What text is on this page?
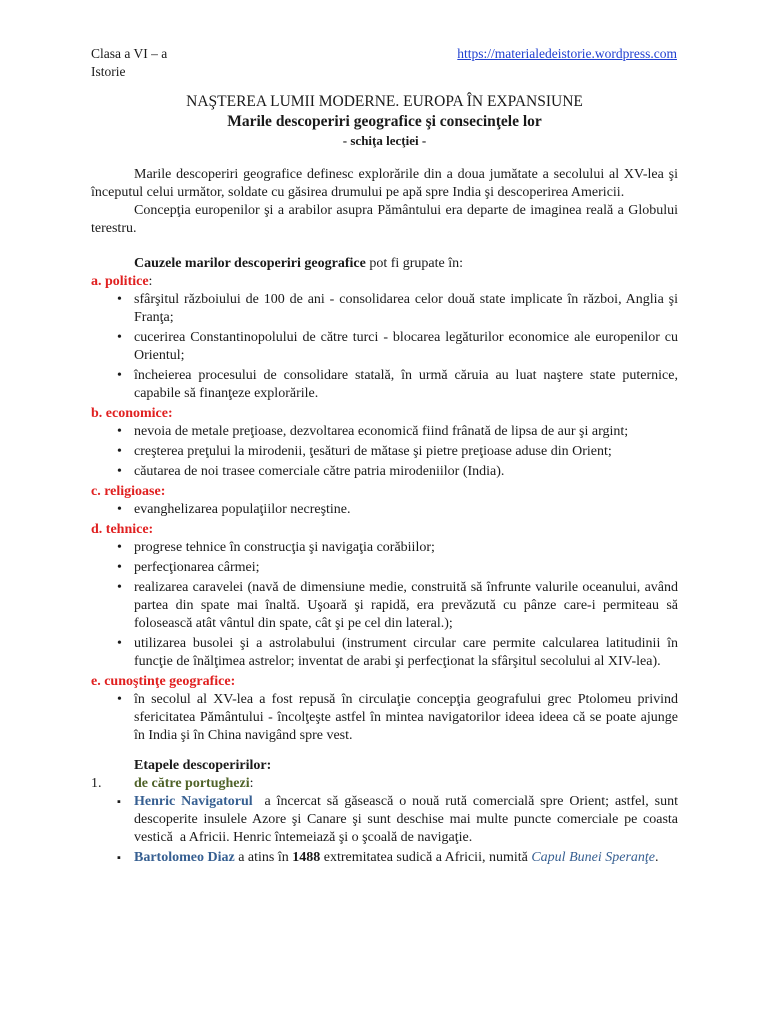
Clasa a VI – a
Istorie
https://materialedeistorie.wordpress.com
NAŞTEREA LUMII MODERNE. EUROPA ÎN EXPANSIUNE
Marile descoperiri geografice şi consecinţele lor
- schiţa lecţiei -

Marile descoperiri geografice definesc explorările din a doua jumătate a secolului al XV-lea şi începutul celui următor, soldate cu găsirea drumului pe apă spre India şi descoperirea Americii.

Concepţia europenilor şi a arabilor asupra Pământului era departe de imaginea reală a Globului terestru.

Cauzele marilor descoperiri geografice pot fi grupate în:
a. politice:
• sfârşitul războiului de 100 de ani - consolidarea celor două state implicate în război, Anglia şi Franţa;
• cucerirea Constantinopolului de către turci - blocarea legăturilor economice ale europenilor cu Orientul;
• încheierea procesului de consolidare statală, în urmă căruia au luat naştere state puternice, capabile să finanţeze explorările.
b. economice:
• nevoia de metale preţioase, dezvoltarea economică fiind frânată de lipsa de aur şi argint;
• creşterea preţului la mirodenii, ţesături de mătase şi pietre preţioase aduse din Orient;
• căutarea de noi trasee comerciale către patria mirodeniilor (India).
c. religioase:
• evanghelizarea populaţiilor necreştine.
d. tehnice:
• progrese tehnice în construcţia şi navigaţia corăbiilor;
• perfecţionarea cârmei;
• realizarea caravelei (navă de dimensiune medie, construită să înfrunte valurile oceanului, având partea din spate mai înaltă. Uşoară şi rapidă, era prevăzută cu pânze care-i permiteau să folosească atât vântul din spate, cât şi pe cel din lateral.);
• utilizarea busolei şi a astrolabului (instrument circular care permite calcularea latitudinii în funcţie de înălţimea astrelor; inventat de arabi şi perfecţionat la sfârşitul secolului al XIV-lea).
e. cunoştinţe geografice:
• în secolul al XV-lea a fost repusă în circulaţie concepţia geografului grec Ptolomeu privind sfericitatea Pământului - încolţeşte astfel în mintea navigatorilor ideea ideea că se poate ajunge în India şi în China navigând spre vest.
Etapele descoperirilor:
1. de către portughezi:
▪ Henric Navigatorul  a încercat să găsească o nouă rută comercială spre Orient; astfel, sunt descoperite insulele Azore şi Canare şi sunt deschise mai multe puncte comerciale pe coasta vestică  a Africii. Henric întemeiază şi o şcoală de navigaţie.
▪ Bartolomeo Diaz a atins în 1488 extremitatea sudică a Africii, numită Capul Bunei Speranţe.
